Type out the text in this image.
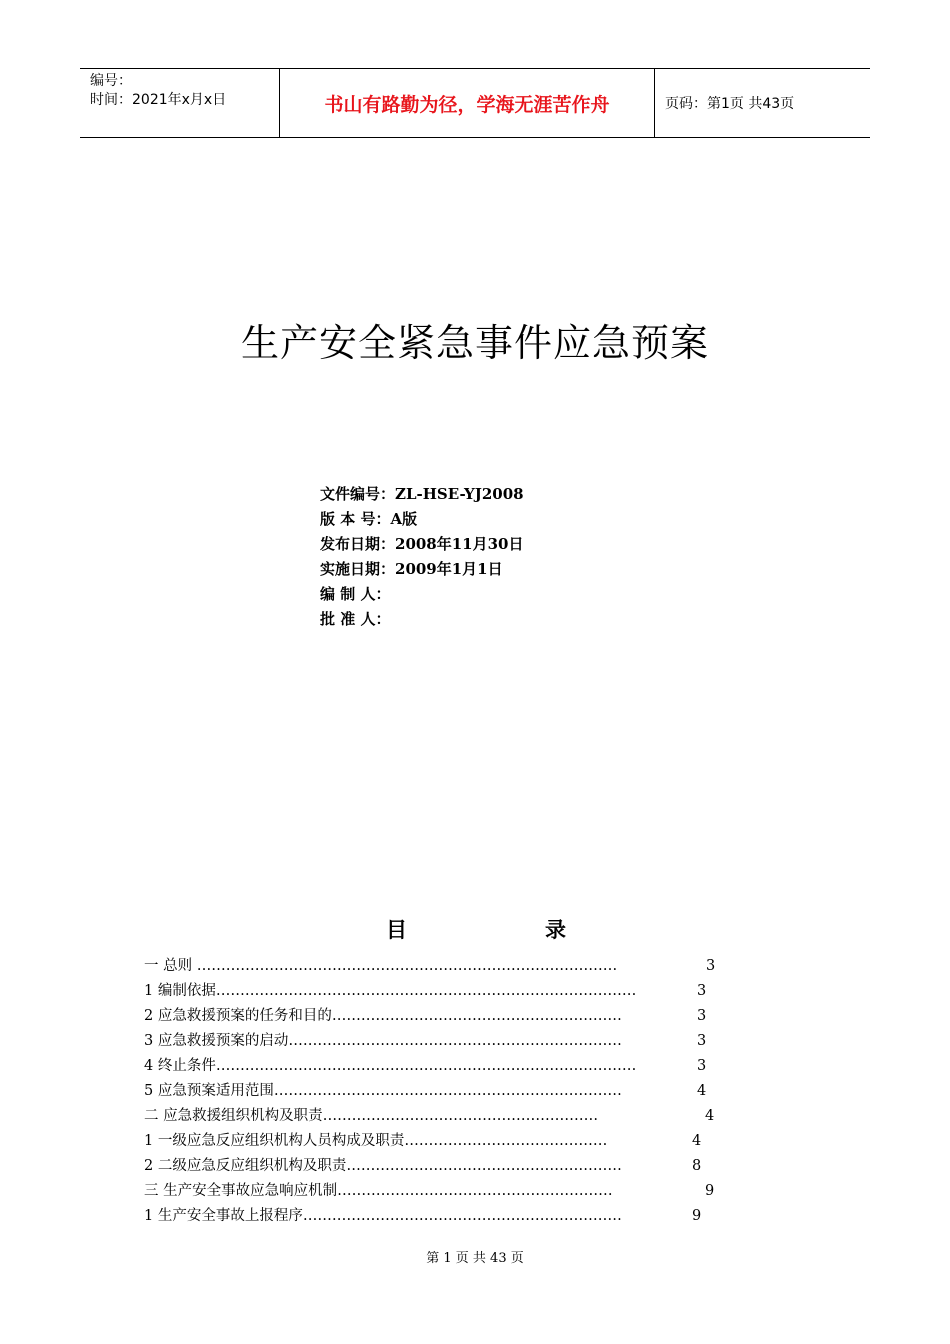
编号：
时间：2021年x月x日	书山有路勤为径，学海无涯苦作舟	页码：第1页 共43页
生产安全紧急事件应急预案
文件编号：ZL-HSE-YJ2008
版 本 号：A版
发布日期：2008年11月30日
实施日期：2009年1月1日
编 制 人：
批 准 人：
目	录
一 总则 ……………………………………………………………………………	3
1 编制依据……………………………………………………………………………	3
2 应急救援预案的任务和目的……………………………………………………	3
3 应急救援预案的启动……………………………………………………………	3
4 终止条件……………………………………………………………………………	3
5 应急预案适用范围………………………………………………………………	4
二 应急救援组织机构及职责…………………………………………………	4
1 一级应急反应组织机构人员构成及职责……………………………………	4
2 二级应急反应组织机构及职责…………………………………………………	8
三 生产安全事故应急响应机制…………………………………………………	9
1 生产安全事故上报程序…………………………………………………………	9
第 1 页 共 43 页
